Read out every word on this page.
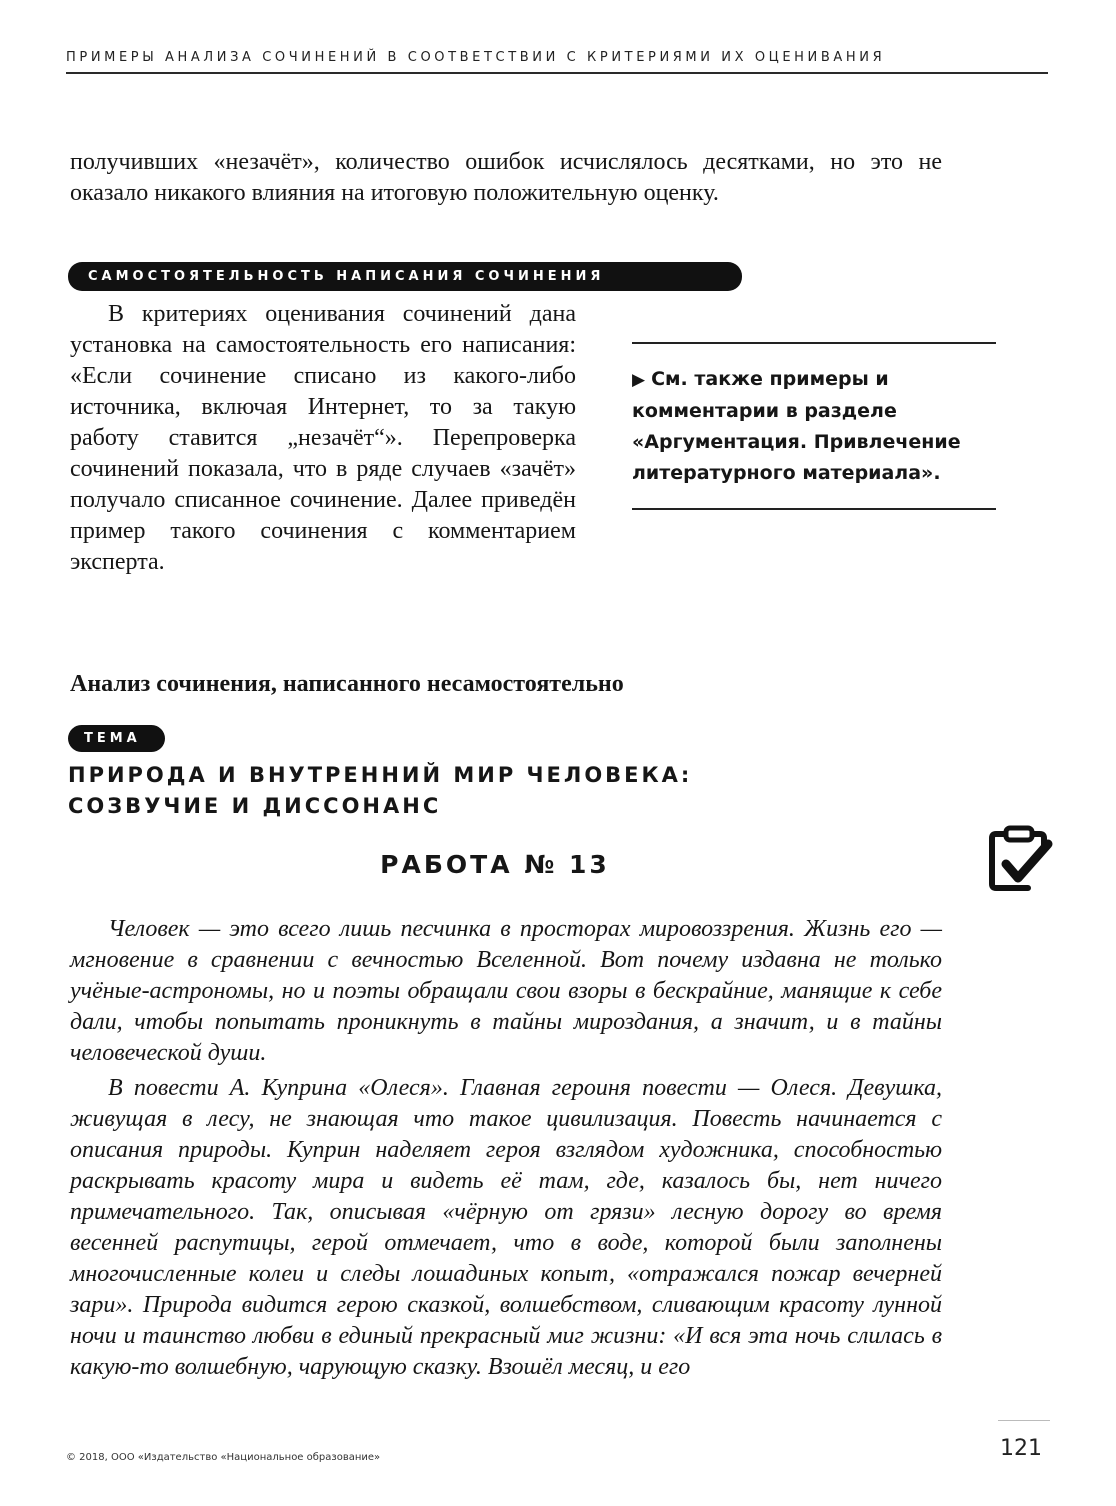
ПРИМЕРЫ АНАЛИЗА СОЧИНЕНИЙ В СООТВЕТСТВИИ С КРИТЕРИЯМИ ИХ ОЦЕНИВАНИЯ

получивших «незачёт», количество ошибок исчислялось десятками, но это не оказало никакого влияния на итоговую положительную оценку.

САМОСТОЯТЕЛЬНОСТЬ НАПИСАНИЯ СОЧИНЕНИЯ

В критериях оценивания сочинений дана установка на самостоятельность его написания: «Если сочинение списано из какого-либо источника, включая Интернет, то за такую работу ставится „незачёт“». Перепроверка сочинений показала, что в ряде случаев «зачёт» получало списанное сочинение. Далее приведён пример такого сочинения с комментарием эксперта.

▶ См. также примеры и комментарии в разделе «Аргументация. Привлечение литературного материала».

Анализ сочинения, написанного несамостоятельно
ТЕМА
ПРИРОДА И ВНУТРЕННИЙ МИР ЧЕЛОВЕКА:
СОЗВУЧИЕ И ДИССОНАНС
РАБОТА № 13

Человек — это всего лишь песчинка в просторах мировоззрения. Жизнь его — мгновение в сравнении с вечностью Вселенной. Вот почему издавна не только учёные-астрономы, но и поэты обращали свои взоры в бескрайние, манящие к себе дали, чтобы попытать проникнуть в тайны мироздания, а значит, и в тайны человеческой души.

В повести А. Куприна «Олеся». Главная героиня повести — Олеся. Девушка, живущая в лесу, не знающая что такое цивилизация. Повесть начинается с описания природы. Куприн наделяет героя взглядом художника, способностью раскрывать красоту мира и видеть её там, где, казалось бы, нет ничего примечательного. Так, описывая «чёрную от грязи» лесную дорогу во время весенней распутицы, герой отмечает, что в воде, которой были заполнены многочисленные колеи и следы лошадиных копыт, «отражался пожар вечерней зари». Природа видится герою сказкой, волшебством, сливающим красоту лунной ночи и таинство любви в единый прекрасный миг жизни: «И вся эта ночь слилась в какую-то волшебную, чарующую сказку. Взошёл месяц, и его

© 2018, ООО «Издательство «Национальное образование»	121
